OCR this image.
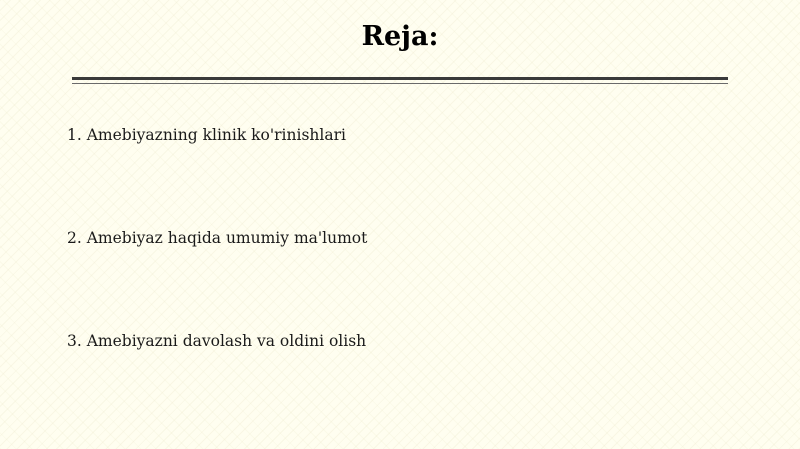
Reja:
1. Amebiyazning klinik ko'rinishlari
2. Amebiyaz haqida umumiy ma'lumot
3. Amebiyazni davolash va oldini olish
